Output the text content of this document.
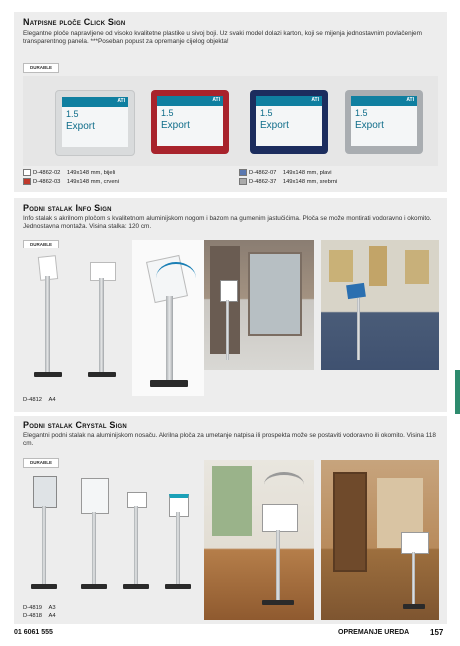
Natpisne ploče Click Sign
Elegantne ploče napravljene od visoko kvalitetne plastike u sivoj boji. Uz svaki model dolazi karton, koji se mijenja jednostavnim povlačenjem transparentnog panela. ***Poseban popust za opremanje cijelog objekta!
DURABLE
ATI
1.5
Export
ATI
1.5
Export
ATI
1.5
Export
ATI
1.5
Export
D-4862-02 149x148 mm, bijeli
D-4862-03 149x148 mm, crveni
D-4862-07 149x148 mm, plavi
D-4862-37 149x148 mm, srebrni
Podni stalak Info Sign
Info stalak s akrilnom pločom s kvalitetnom aluminijskom nogom i bazom na gumenim jastučićima. Ploča se može montirati vodoravno i okomito. Jednostavna montaža. Visina stalka: 120 cm.
DURABLE
D-4812 A4
Podni stalak Crystal Sign
Elegantni podni stalak na aluminijskom nosaču. Akrilna ploča za umetanje natpisa ili prospekta može se postaviti vodoravno ili okomito. Visina 118 cm.
DURABLE
D-4819 A3
D-4818 A4
01 6061 555	OPREMANJE UREDA	157
